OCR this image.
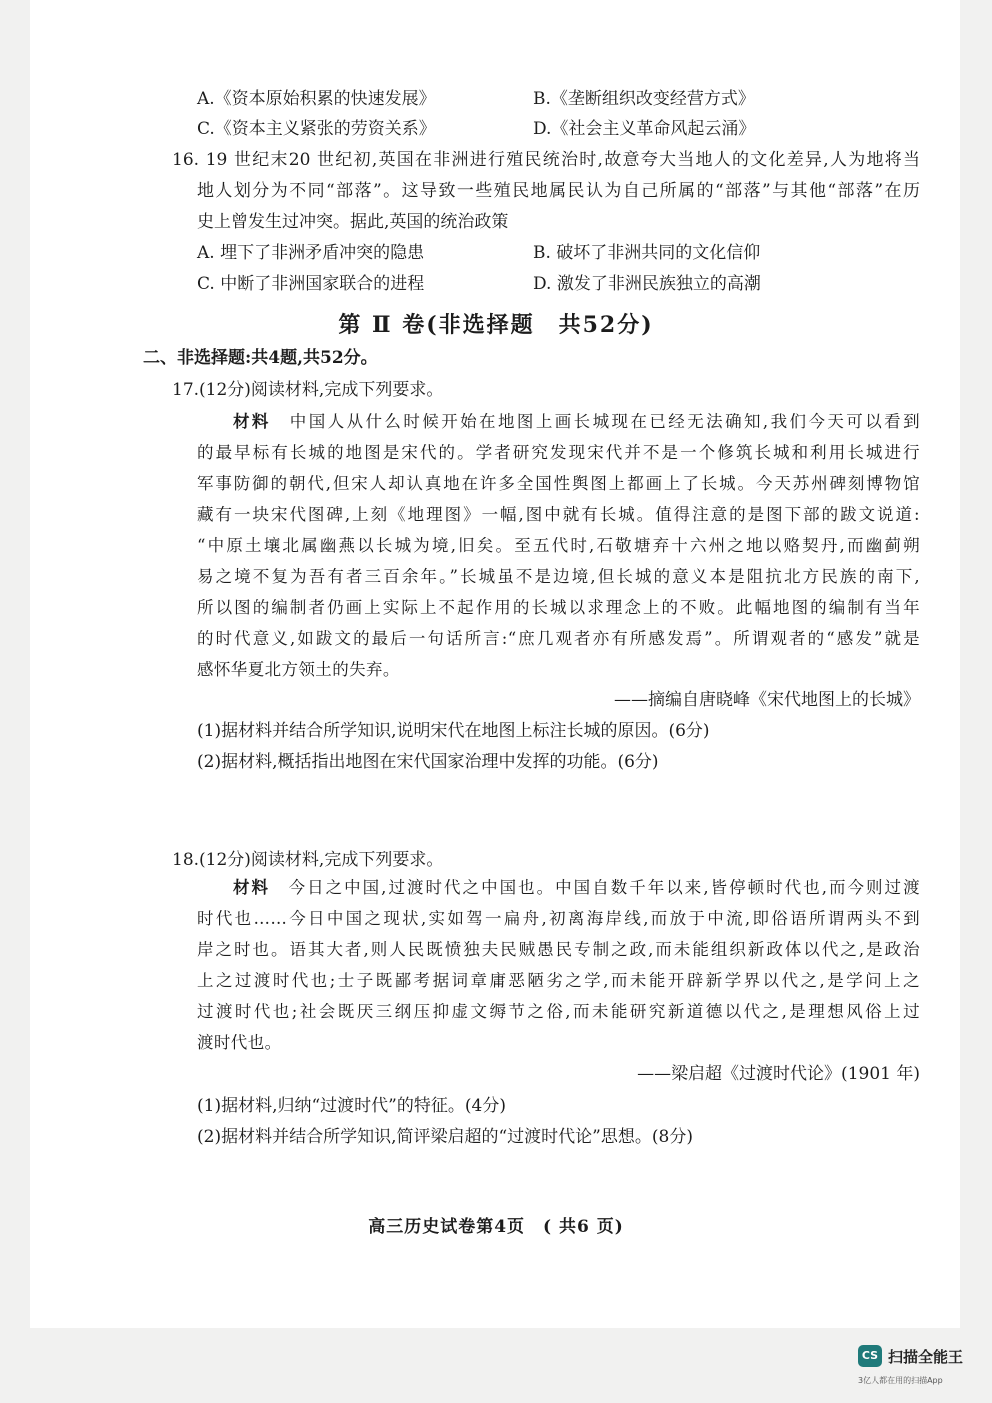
A.《资本原始积累的快速发展》	B.《垄断组织改变经营方式》
C.《资本主义紧张的劳资关系》	D.《社会主义革命风起云涌》
16. 19 世纪末20 世纪初,英国在非洲进行殖民统治时,故意夸大当地人的文化差异,人为地将当
地人划分为不同“部落”。这导致一些殖民地属民认为自己所属的“部落”与其他“部落”在历
史上曾发生过冲突。据此,英国的统治政策
A. 埋下了非洲矛盾冲突的隐患	B. 破坏了非洲共同的文化信仰
C. 中断了非洲国家联合的进程	D. 激发了非洲民族独立的高潮
第 Ⅱ 卷(非选择题　共52分)
二、非选择题:共4题,共52分。
17.(12分)阅读材料,完成下列要求。
材料  中国人从什么时候开始在地图上画长城现在已经无法确知,我们今天可以看到
的最早标有长城的地图是宋代的。学者研究发现宋代并不是一个修筑长城和利用长城进行
军事防御的朝代,但宋人却认真地在许多全国性舆图上都画上了长城。今天苏州碑刻博物馆
藏有一块宋代图碑,上刻《地理图》一幅,图中就有长城。值得注意的是图下部的跋文说道:
“中原土壤北属幽燕以长城为境,旧矣。至五代时,石敬塘弃十六州之地以赂契丹,而幽蓟朔
易之境不复为吾有者三百余年。”长城虽不是边境,但长城的意义本是阻抗北方民族的南下,
所以图的编制者仍画上实际上不起作用的长城以求理念上的不败。此幅地图的编制有当年
的时代意义,如跋文的最后一句话所言:“庶几观者亦有所感发焉”。所谓观者的“感发”就是
感怀华夏北方领土的失弃。
——摘编自唐晓峰《宋代地图上的长城》
(1)据材料并结合所学知识,说明宋代在地图上标注长城的原因。(6分)
(2)据材料,概括指出地图在宋代国家治理中发挥的功能。(6分)
18.(12分)阅读材料,完成下列要求。
材料  今日之中国,过渡时代之中国也。中国自数千年以来,皆停顿时代也,而今则过渡
时代也……今日中国之现状,实如驾一扁舟,初离海岸线,而放于中流,即俗语所谓两头不到
岸之时也。语其大者,则人民既愤独夫民贼愚民专制之政,而未能组织新政体以代之,是政治
上之过渡时代也;士子既鄙考据词章庸恶陋劣之学,而未能开辟新学界以代之,是学问上之
过渡时代也;社会既厌三纲压抑虚文缛节之俗,而未能研究新道德以代之,是理想风俗上过
渡时代也。
——梁启超《过渡时代论》(1901 年)
(1)据材料,归纳“过渡时代”的特征。(4分)
(2)据材料并结合所学知识,简评梁启超的“过渡时代论”思想。(8分)
高三历史试卷第4页　( 共6 页)
CS 扫描全能王
3亿人都在用的扫描App
